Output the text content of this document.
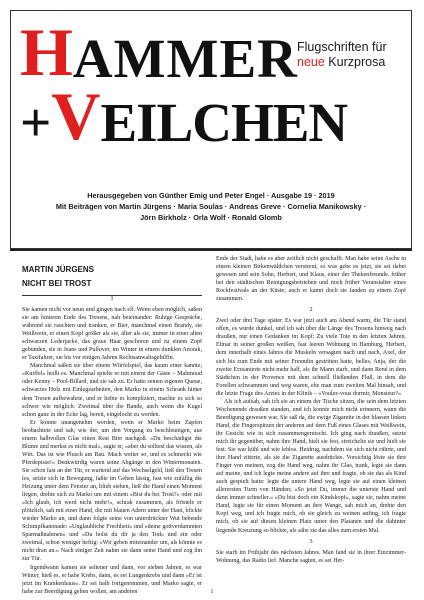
H AMMER
+ V EILCHEN
Flugschriften für
neue Kurzprosa
Herausgegeben von Günther Emig und Peter Engel · Ausgabe 19 · 2019
Mit Beiträgen von Martin Jürgens · Maria Soulas · Andreas Greve · Cornelia Manikowsky ·
Jörn Birkholz · Orla Wolf · Ronald Glomb
MARTIN JÜRGENS
NICHT BEI TROST
1

Sie kamen nicht vor neun und gingen nach elf. Wenn eben möglich, saßen sie am hinteren Ende des Tresens, nah beieinander: Ruhige Gespräche, während sie rauchten und tranken, er Bier, manchmal einen Brandy, sie Weißwein, er einen Kopf größer als sie, älter als sie, immer in einer alten schwarzen Lederjacke, das graue Haar geschoren und zu einem Zopf gebunden, sie in Jeans und Pullover, im Winter in einem dunklen Anorak, er Taxifahrer, sie bis vor einigen Jahren Rechtsanwaltsgehilfin.

Manchmal saßen sie über einem Würfelspiel, das kaum einer kannte; »Kniffel« heißt es. Manchmal spielte er mit einem der Gäste – Mahmoud oder Kenny – Pool-Billard, und sie sah zu. Er hatte seinen eigenen Queue, schwarzes Holz mit Einlegearbeiten, den Marko in einem Schrank hinter dem Tresen aufbewahrte, und er liebte es kompliziert, machte es sich so schwer wie möglich: Zweimal über die Bande, auch wenn die Kugel schon ganz in der Ecke lag, bereit, eingelocht zu werden.

Er konnte unangenehm werden, wenn er Marko beim Zapfen beobachtete und sah, wie der, um den Vorgang zu beschleunigen, aus einem halbvollen Glas einen Rest Bier nachgoß. »Du beschädigst die Blume und merkst es nicht mal«, sagte er, »aber du solltest das wissen, als Wirt. Das ist wie Plusch am Bau. Mach weiter so, und es schmeckt wie Pferdepisse!« Denkwürdig waren seine Abgänge in den Wintermonaten. Sie schon fast an der Tür, er wartend auf das Wechselgeld, ließ den Tresen los, setzte sich in Bewegung, faßte im Gehen lässig, fast wie zufällig die Heizung unter dem Fenster an, blieb stehen, ließ die Hand einen Moment liegen, drehte sich zu Marko um mit einem »Bist du bei Trost?« oder mit »Ich glaub, ich werd nicht mehr!«, schrak zusammen, als fröstele er plötzlich, sah mit einer Hand, die mit blauen Adern unter der Haut, blickte wieder Marko an, und dann folgte seine von unterdrückter Wut bebende Schimpfkanonade: »Unglaubliche Frechheit« und »deine gottverdammten Sparmaßnahmen« und »Du holst du dir ja den Tod« und ein oder zweimal, schon weniger heftig: »Wir geben miteinander um, als könnte es nicht dran an.« Nach einiger Zeit nahm sie dann seine Hand und zog ihn zur Tür.

Irgendwann kamen sie seltener und dann, vor sieben Jahren, es war Winter, hieß es, er habe Krebs, dann, es sei Lungenkrebs und dann »Er ist jetzt im Krankenhaus«. Er sei halb fortgenommen, und Marko sagte, er habe zur Beerdigung gehen wollen, am anderen

Ende der Stadt, habe es aber zeitlich nicht geschafft. Man habe seine Asche in einem kleinen Birkenwäldchen verstreut, so was gebe es jetzt, sie sei dabei gewesen und sein Sohn, Herbert, und Klaus, einer der Thekenfreunde. früher bei den städtischen Reinigungsbetrieben und noch früher Veranstalter eines Rockfestivals an der Küste; auch er kannt doch sie fanden zu einem Zopf zusammen.

2

Zwei oder drei Tage später. Es war jetzt auch am Abend warm, die Tür stand offen, es wurde dunkel, und ich sah über die Länge des Tresens hinweg nach draußen, nur einen Gedanken im Kopf: Zu viele Tote in den letzten Jahren. Elmar in seiner großen weißen, fast leeren Wohnung in Hamburg, Herbert, dem innerhalb eines Jahres die Muskeln versagten nach und nach, Axel, der sich bis zum Ende mit seiner Freundin gestritten hatte, helles, Anja, der die zweite Erzsanierte nicht mehr half, als ihr Mann starb, und dann René in dem Städtchen in der Provence mit dem schnell fließenden Fluß, in dem die Forellen schwammen und weg waren, ehe man zum zweiten Mal hinsah, und die letzte Frage des Arztes in der Klinik – »Voulez-vous dormir, Monsieur?«

Als ich aufsah, sah ich sie an einem der Tische sitzen, die sein dem letzten Wochenende draußen standen, und ich konnte mich nicht erinnern, wann die Beerdigung gewesen war. Sie saß da, die ewige Zigarette in der blassen linken Hand, die Fingerspitzen der anderen auf dem Fuß eines Glases mit Weißwein, ihr Gesicht wie in sich zusammengerutscht. Ich ging nach draußen, setzte mich ihr gegenüber, nahm ihre Hand, hielt sie fest, streichelte sie und hielt sie fest. Sie war kühl und wie leblos. Heidrug, nachdem sie sich nicht rührte, und ihre Hand zitterte, als sie die Zigarette ausdrückte. Vorsichtig löste sie ihre Finger von meinen, zog die Hand weg, nahm ihr Glas, trank, legte sie dann auf meine, und ich legte meine andere auf ihre und fragte, ob sie das als Kind auch gespielt hatte: legte die untere Hand weg, legte sie auf einen kleinen allerersten Turm von Händen; »So jetzt Du, immer die unterste Hand und dann immer schneller.« »Du bist doch ein Kindskopf«, sagte sie, nahm meine Hand, legte sie für einen Moment an ihre Wange, sah mich an, drehte den Kopf weg, und ich fragte mich, ob sie gleich zu weinen anfing, ich fragte mich, ob sie auf diesen kleinen Platz unter den Platanen und die dahinter liegende Kreuzung so blickte, als sähe sie das alles zum ersten Mal.

3

Sie starb im Frühjahr des nächsten Jahres. Man fand sie in ihrer Einzimmer-Wohnung, das Radio lief. Manche sagten, es sei Her-

1
